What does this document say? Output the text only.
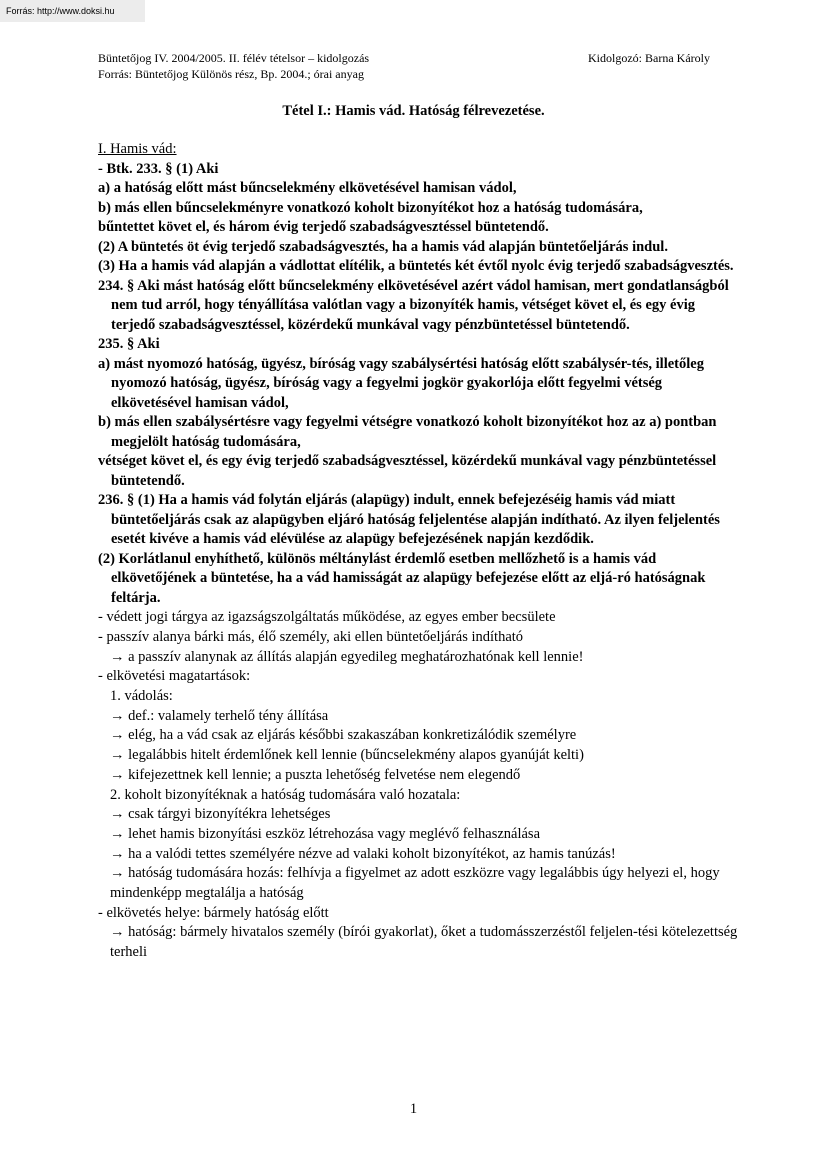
Forrás: http://www.doksi.hu
Büntetőjog IV. 2004/2005. II. félév tételsor – kidolgozás
Forrás: Büntetőjog Különös rész, Bp. 2004.; órai anyag
Kidolgozó: Barna Károly
Tétel I.: Hamis vád. Hatóság félrevezetése.

I. Hamis vád:

- Btk. 233. § (1) Aki

a) a hatóság előtt mást bűncselekmény elkövetésével hamisan vádol,

b) más ellen bűncselekményre vonatkozó koholt bizonyítékot hoz a hatóság tudomására,

bűntettet követ el, és három évig terjedő szabadságvesztéssel büntetendő.

(2) A büntetés öt évig terjedő szabadságvesztés, ha a hamis vád alapján büntetőeljárás indul.

(3) Ha a hamis vád alapján a vádlottat elítélik, a büntetés két évtől nyolc évig terjedő szabadságvesztés.

234. § Aki mást hatóság előtt bűncselekmény elkövetésével azért vádol hamisan, mert gondatlanságból nem tud arról, hogy tényállítása valótlan vagy a bizonyíték hamis, vétséget követ el, és egy évig terjedő szabadságvesztéssel, közérdekű munkával vagy pénzbüntetéssel büntetendő.

235. § Aki

a) mást nyomozó hatóság, ügyész, bíróság vagy szabálysértési hatóság előtt szabálysér-tés, illetőleg nyomozó hatóság, ügyész, bíróság vagy a fegyelmi jogkör gyakorlója előtt fegyelmi vétség elkövetésével hamisan vádol,

b) más ellen szabálysértésre vagy fegyelmi vétségre vonatkozó koholt bizonyítékot hoz az a) pontban megjelölt hatóság tudomására,

vétséget követ el, és egy évig terjedő szabadságvesztéssel, közérdekű munkával vagy pénzbüntetéssel büntetendő.

236. § (1) Ha a hamis vád folytán eljárás (alapügy) indult, ennek befejezéséig hamis vád miatt büntetőeljárás csak az alapügyben eljáró hatóság feljelentése alapján indítható. Az ilyen feljelentés esetét kivéve a hamis vád elévülése az alapügy befejezésének napján kezdődik.

(2) Korlátlanul enyhíthető, különös méltánylást érdemlő esetben mellőzhető is a hamis vád elkövetőjének a büntetése, ha a vád hamisságát az alapügy befejezése előtt az eljá-ró hatóságnak feltárja.

- védett jogi tárgya az igazságszolgáltatás működése, az egyes ember becsülete

- passzív alanya bárki más, élő személy, aki ellen büntetőeljárás indítható

→ a passzív alanynak az állítás alapján egyedileg meghatározhatónak kell lennie!

- elkövetési magatartások:

1. vádolás:

→ def.: valamely terhelő tény állítása

→ elég, ha a vád csak az eljárás későbbi szakaszában konkretizálódik személyre

→ legalábbis hitelt érdemlőnek kell lennie (bűncselekmény alapos gyanúját kelti)

→ kifejezettnek kell lennie; a puszta lehetőség felvetése nem elegendő

2. koholt bizonyítéknak a hatóság tudomására való hozatala:

→ csak tárgyi bizonyítékra lehetséges

→ lehet hamis bizonyítási eszköz létrehozása vagy meglévő felhasználása

→ ha a valódi tettes személyére nézve ad valaki koholt bizonyítékot, az hamis tanúzás!

→ hatóság tudomására hozás: felhívja a figyelmet az adott eszközre vagy legalábbis úgy helyezi el, hogy mindenképp megtalálja a hatóság

- elkövetés helye: bármely hatóság előtt

→ hatóság: bármely hivatalos személy (bírói gyakorlat), őket a tudomásszerzéstől feljelen-tési kötelezettség terheli

1
